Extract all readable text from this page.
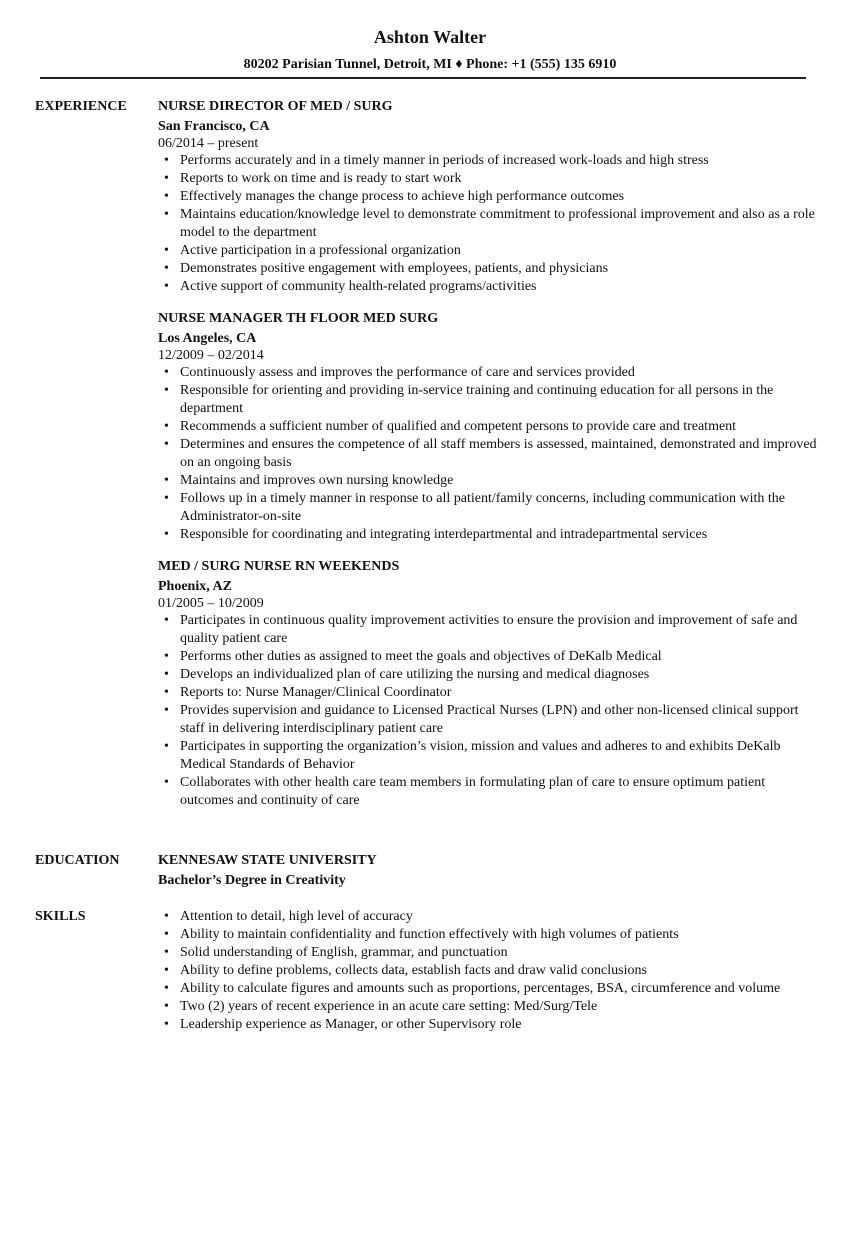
Ashton Walter
80202 Parisian Tunnel, Detroit, MI ♦ Phone: +1 (555) 135 6910
EXPERIENCE	NURSE DIRECTOR OF MED / SURG
San Francisco, CA
06/2014 – present
• Performs accurately and in a timely manner in periods of increased work-loads and high stress
• Reports to work on time and is ready to start work
• Effectively manages the change process to achieve high performance outcomes
• Maintains education/knowledge level to demonstrate commitment to professional improvement and also as a role model to the department
• Active participation in a professional organization
• Demonstrates positive engagement with employees, patients, and physicians
• Active support of community health-related programs/activities
NURSE MANAGER TH FLOOR MED SURG
Los Angeles, CA
12/2009 – 02/2014
• Continuously assess and improves the performance of care and services provided
• Responsible for orienting and providing in-service training and continuing education for all persons in the department
• Recommends a sufficient number of qualified and competent persons to provide care and treatment
• Determines and ensures the competence of all staff members is assessed, maintained, demonstrated and improved on an ongoing basis
• Maintains and improves own nursing knowledge
• Follows up in a timely manner in response to all patient/family concerns, including communication with the Administrator-on-site
• Responsible for coordinating and integrating interdepartmental and intradepartmental services
MED / SURG NURSE RN WEEKENDS
Phoenix, AZ
01/2005 – 10/2009
• Participates in continuous quality improvement activities to ensure the provision and improvement of safe and quality patient care
• Performs other duties as assigned to meet the goals and objectives of DeKalb Medical
• Develops an individualized plan of care utilizing the nursing and medical diagnoses
• Reports to: Nurse Manager/Clinical Coordinator
• Provides supervision and guidance to Licensed Practical Nurses (LPN) and other non-licensed clinical support staff in delivering interdisciplinary patient care
• Participates in supporting the organization’s vision, mission and values and adheres to and exhibits DeKalb Medical Standards of Behavior
• Collaborates with other health care team members in formulating plan of care to ensure optimum patient outcomes and continuity of care
EDUCATION	KENNESAW STATE UNIVERSITY
Bachelor’s Degree in Creativity
SKILLS
•	Attention to detail, high level of accuracy
• Ability to maintain confidentiality and function effectively with high volumes of patients
• Solid understanding of English, grammar, and punctuation
• Ability to define problems, collects data, establish facts and draw valid conclusions
• Ability to calculate figures and amounts such as proportions, percentages, BSA, circumference and volume
• Two (2) years of recent experience in an acute care setting: Med/Surg/Tele
• Leadership experience as Manager, or other Supervisory role
